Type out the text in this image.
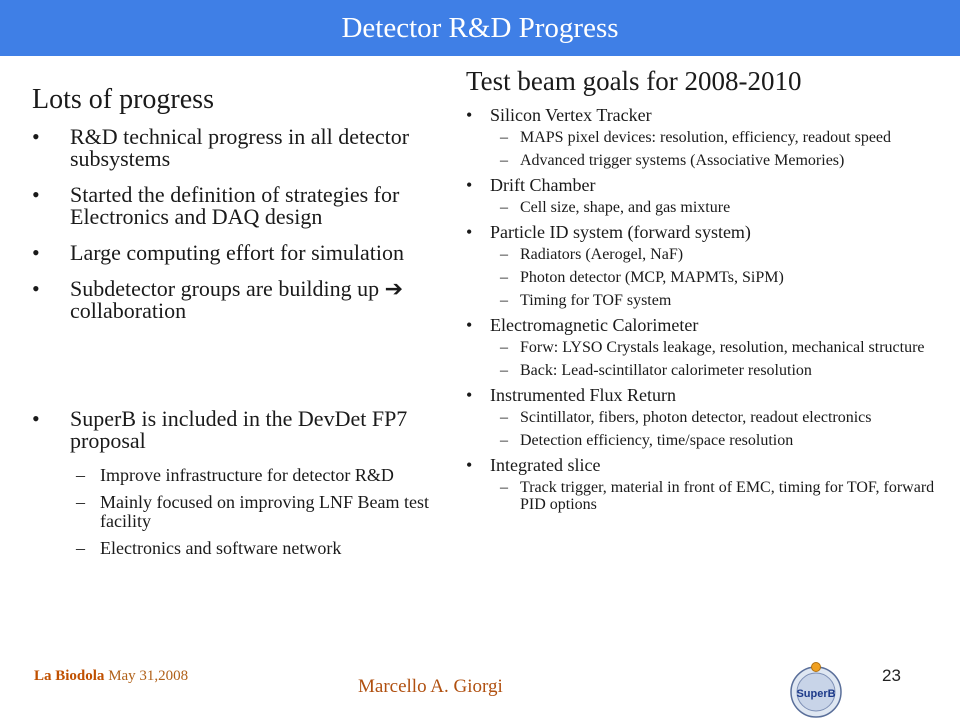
Detector R&D Progress
Lots of progress
•	R&D technical progress in all detector subsystems
•	Started the definition of strategies for Electronics and DAQ design
•	Large computing effort for simulation
•	Subdetector groups are building up ➔ collaboration
•	SuperB is included in the DevDet FP7 proposal
– Improve infrastructure for detector R&D
– Mainly focused on improving LNF Beam test facility
– Electronics and software network
Test beam goals for 2008-2010
• Silicon Vertex Tracker
– MAPS pixel devices: resolution, efficiency, readout speed
– Advanced trigger systems (Associative Memories)
• Drift Chamber
– Cell size, shape, and gas mixture
• Particle ID system (forward system)
– Radiators (Aerogel, NaF)
– Photon detector (MCP, MAPMTs, SiPM)
– Timing for TOF system
• Electromagnetic Calorimeter
– Forw: LYSO Crystals leakage, resolution, mechanical structure
– Back: Lead-scintillator calorimeter resolution
• Instrumented Flux Return
– Scintillator, fibers, photon detector, readout electronics
– Detection efficiency, time/space resolution
• Integrated slice
– Track trigger, material in front of EMC, timing for TOF, forward PID options
La Biodola May 31,2008	Marcello A. Giorgi	SuperB
23
